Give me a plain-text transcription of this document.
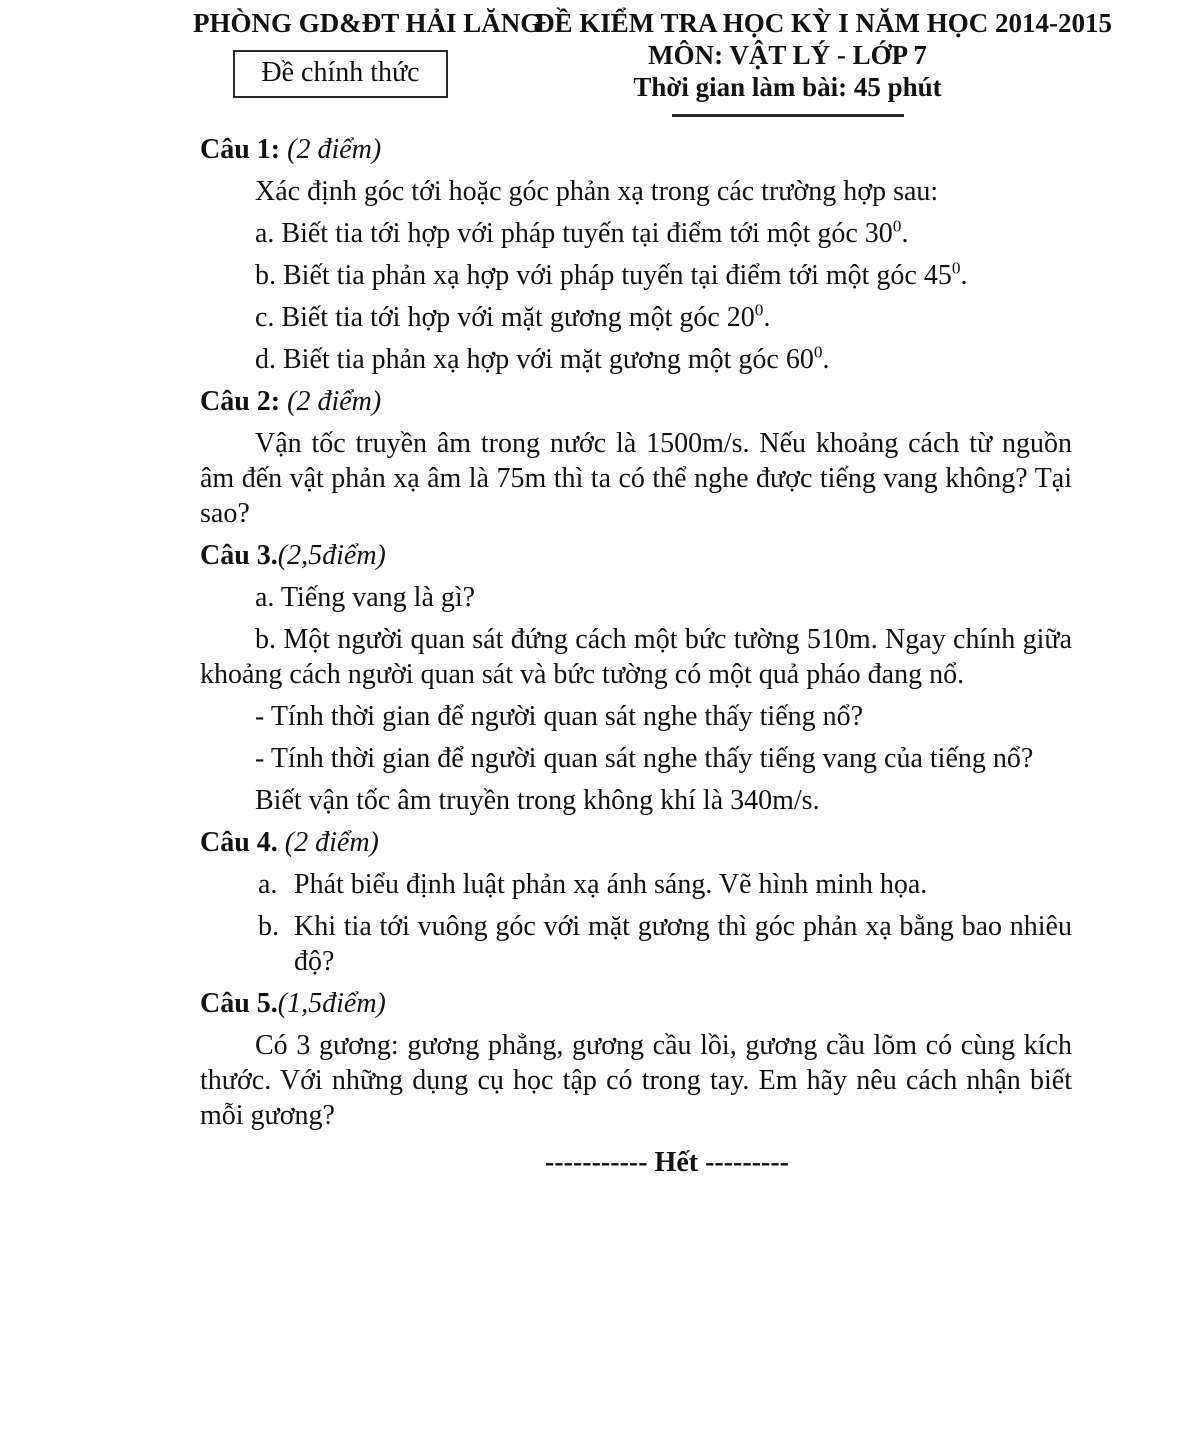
PHÒNG GD&ĐT HẢI LĂNG
Đề chính thức
ĐỀ KIỂM TRA HỌC KỲ I NĂM HỌC 2014-2015
MÔN: VẬT LÝ - LỚP 7
Thời gian làm bài: 45 phút
Câu 1: (2 điểm)
Xác định góc tới hoặc góc phản xạ trong các trường hợp sau:
a. Biết tia tới hợp với pháp tuyến tại điểm tới một góc $30^0$.
b. Biết tia phản xạ hợp với pháp tuyến tại điểm tới một góc $45^0$.
c. Biết tia tới hợp với mặt gương một góc $20^0$.
d. Biết tia phản xạ hợp với mặt gương một góc $60^0$.
Câu 2: (2 điểm)
Vận tốc truyền âm trong nước là 1500m/s. Nếu khoảng cách từ nguồn âm đến vật phản xạ âm là 75m thì ta có thể nghe được tiếng vang không? Tại sao?
Câu 3.(2,5điểm)
a. Tiếng vang là gì?
b. Một người quan sát đứng cách một bức tường 510m. Ngay chính giữa khoảng cách người quan sát và bức tường có một quả pháo đang nổ.
- Tính thời gian để người quan sát nghe thấy tiếng nổ?
- Tính thời gian để người quan sát nghe thấy tiếng vang của tiếng nổ?
Biết vận tốc âm truyền trong không khí là 340m/s.
Câu 4. (2 điểm)
a. Phát biểu định luật phản xạ ánh sáng. Vẽ hình minh họa.
b. Khi tia tới vuông góc với mặt gương thì góc phản xạ bằng bao nhiêu độ?
Câu 5.(1,5điểm)
Có 3 gương: gương phẳng, gương cầu lồi, gương cầu lõm có cùng kích thước. Với những dụng cụ học tập có trong tay. Em hãy nêu cách nhận biết mỗi gương?
----------- Hết ---------
